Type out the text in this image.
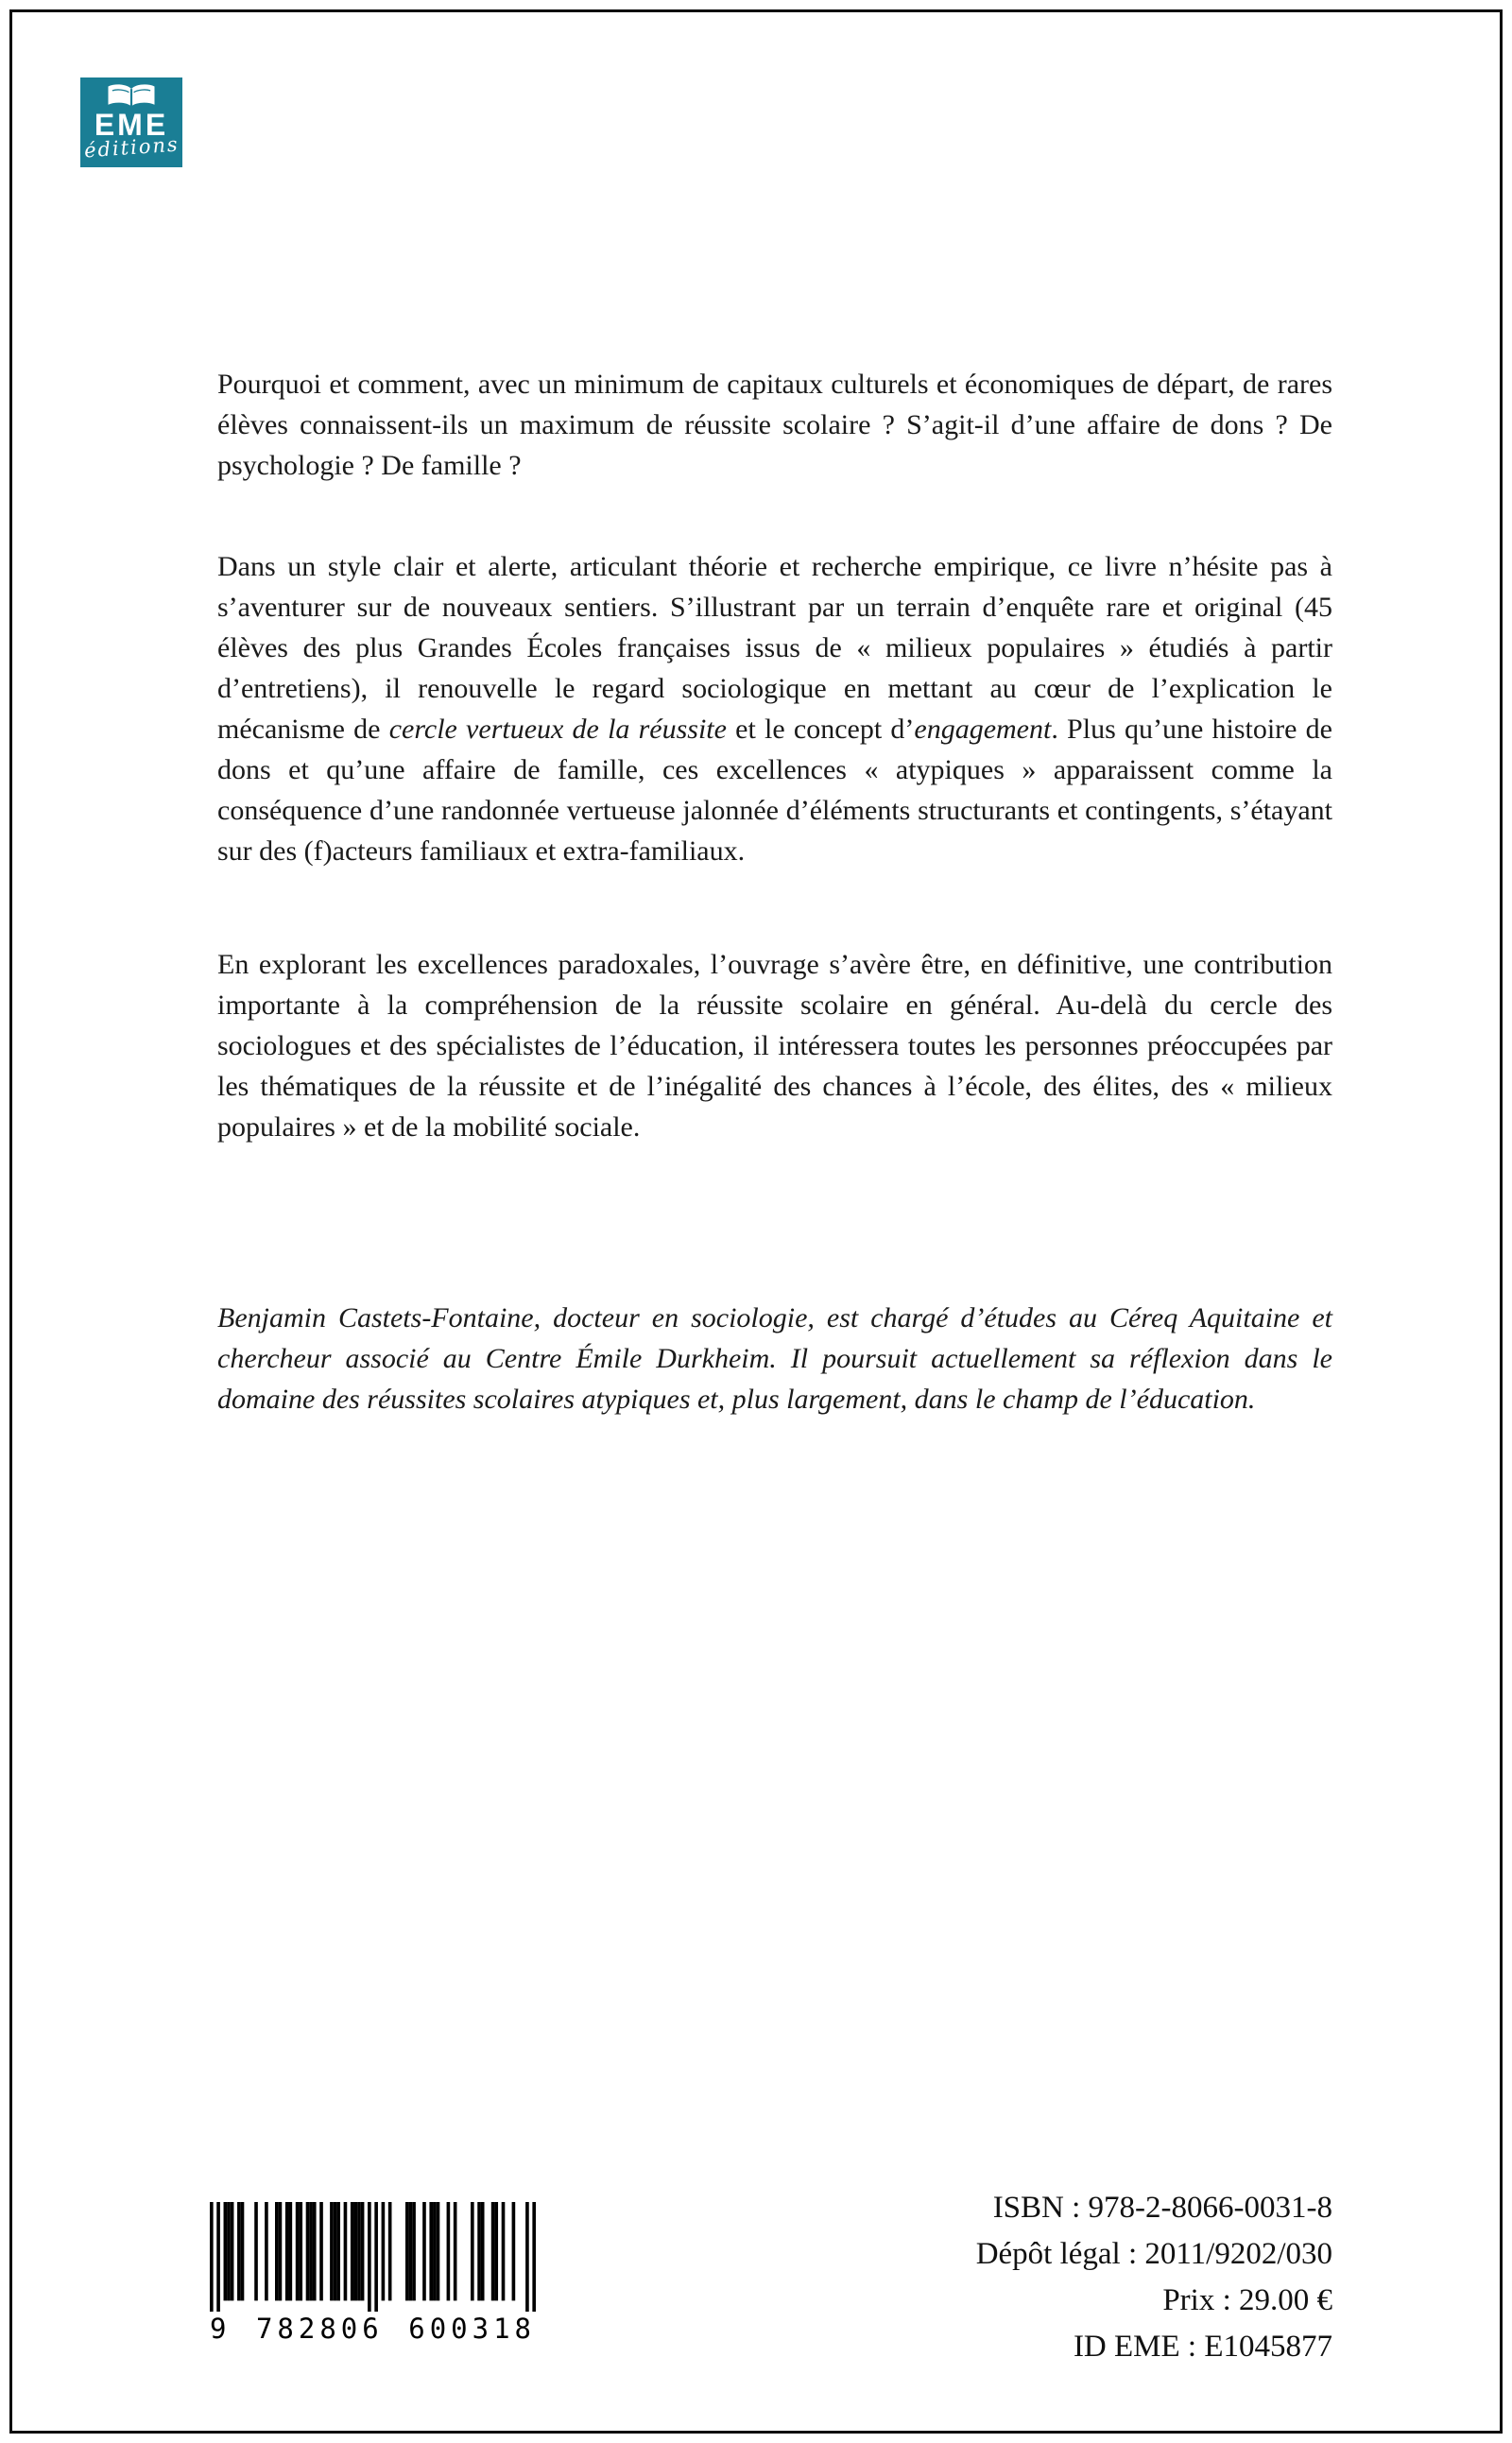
EME
éditions

Pourquoi et comment, avec un minimum de capitaux culturels et économiques de départ, de rares élèves connaissent-ils un maximum de réussite scolaire ? S’agit-il d’une affaire de dons ? De psychologie ? De famille ?

Dans un style clair et alerte, articulant théorie et recherche empirique, ce livre n’hésite pas à s’aventurer sur de nouveaux sentiers. S’illustrant par un terrain d’enquête rare et original (45 élèves des plus Grandes Écoles françaises issus de « milieux populaires » étudiés à partir d’entretiens), il renouvelle le regard sociologique en mettant au cœur de l’explication le mécanisme de cercle vertueux de la réussite et le concept d’engagement. Plus qu’une histoire de dons et qu’une affaire de famille, ces excellences « atypiques » apparaissent comme la conséquence d’une randonnée vertueuse jalonnée d’éléments structurants et contingents, s’étayant sur des (f)acteurs familiaux et extra-familiaux.

En explorant les excellences paradoxales, l’ouvrage s’avère être, en définitive, une contribution importante à la compréhension de la réussite scolaire en général. Au-delà du cercle des sociologues et des spécialistes de l’éducation, il intéressera toutes les personnes préoccupées par les thématiques de la réussite et de l’inégalité des chances à l’école, des élites, des « milieux populaires » et de la mobilité sociale.

Benjamin Castets-Fontaine, docteur en sociologie, est chargé d’études au Céreq Aquitaine et chercheur associé au Centre Émile Durkheim. Il poursuit actuellement sa réflexion dans le domaine des réussites scolaires atypiques et, plus largement, dans le champ de l’éducation.

9 782806 600318
ISBN : 978-2-8066-0031-8
Dépôt légal : 2011/9202/030
Prix : 29.00 €
ID EME : E1045877
